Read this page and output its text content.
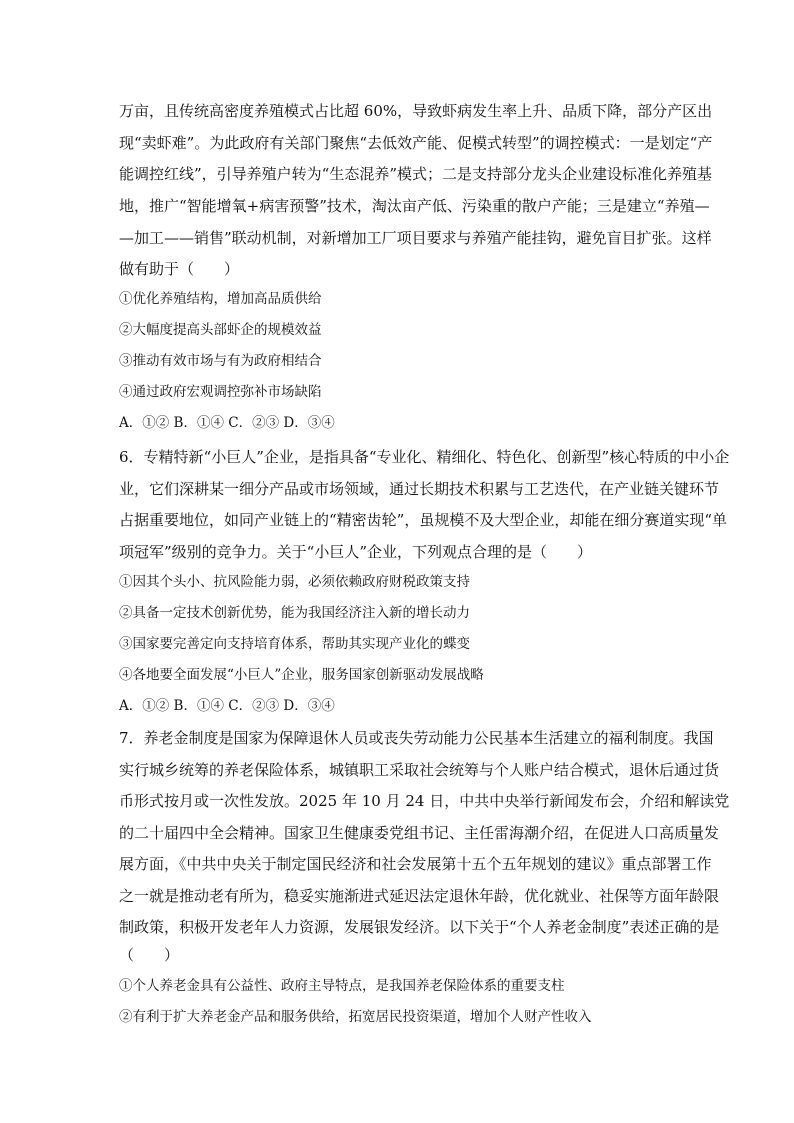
万亩，且传统高密度养殖模式占比超 60%，导致虾病发生率上升、品质下降，部分产区出
现“卖虾难”。为此政府有关部门聚焦“去低效产能、促模式转型”的调控模式：一是划定“产
能调控红线”，引导养殖户转为“生态混养”模式；二是支持部分龙头企业建设标准化养殖基
地，推广“智能增氧+病害预警”技术，淘汰亩产低、污染重的散户产能；三是建立“养殖—
—加工——销售”联动机制，对新增加工厂项目要求与养殖产能挂钩，避免盲目扩张。这样
做有助于（　　）
①优化养殖结构，增加高品质供给
②大幅度提高头部虾企的规模效益
③推动有效市场与有为政府相结合
④通过政府宏观调控弥补市场缺陷
A．①② B．①④ C．②③ D．③④
6．专精特新“小巨人”企业，是指具备“专业化、精细化、特色化、创新型”核心特质的中小企
业，它们深耕某一细分产品或市场领域，通过长期技术积累与工艺迭代，在产业链关键环节
占据重要地位，如同产业链上的“精密齿轮”，虽规模不及大型企业，却能在细分赛道实现“单
项冠军”级别的竞争力。关于“小巨人”企业，下列观点合理的是（　　）
①因其个头小、抗风险能力弱，必须依赖政府财税政策支持
②具备一定技术创新优势，能为我国经济注入新的增长动力
③国家要完善定向支持培育体系，帮助其实现产业化的蝶变
④各地要全面发展“小巨人”企业，服务国家创新驱动发展战略
A．①② B．①④ C．②③ D．③④
7．养老金制度是国家为保障退休人员或丧失劳动能力公民基本生活建立的福利制度。我国
实行城乡统筹的养老保险体系，城镇职工采取社会统筹与个人账户结合模式，退休后通过货
币形式按月或一次性发放。2025 年 10 月 24 日，中共中央举行新闻发布会，介绍和解读党
的二十届四中全会精神。国家卫生健康委党组书记、主任雷海潮介绍，在促进人口高质量发
展方面，《中共中央关于制定国民经济和社会发展第十五个五年规划的建议》重点部署工作
之一就是推动老有所为，稳妥实施渐进式延迟法定退休年龄，优化就业、社保等方面年龄限
制政策，积极开发老年人力资源，发展银发经济。以下关于“个人养老金制度”表述正确的是
（　　）
①个人养老金具有公益性、政府主导特点，是我国养老保险体系的重要支柱
②有利于扩大养老金产品和服务供给，拓宽居民投资渠道，增加个人财产性收入
